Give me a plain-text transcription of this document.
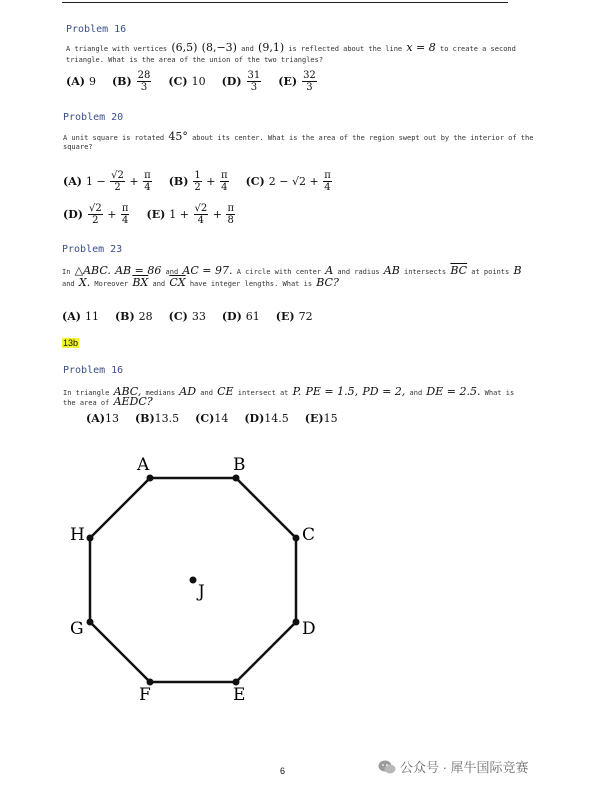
Problem 16
A triangle with vertices (6,5) (8,−3) and (9,1) is reflected about the line x = 8 to create a second
triangle. What is the area of the union of the two triangles?
(A) 9 $(B) \frac{28}{3} (C)$ 10 $(D) \frac{31}{3} (E) \frac{32}{3}$
Problem 20
A unit square is rotated 45° about its center. What is the area of the region swept out by the interior of the
square?
(A) 1 −
$\frac{√2}{2}$
+
$\frac{\pi}{4} (B) \frac{1}{2}$
+
$\frac{\pi}{4} (C) 2 - √2$ +
$\frac{\pi}{4}$
$(D) \frac{√2}{2}$
+
$\frac{\pi}{4} (E) 1$ +
$\frac{√2}{4}$
+
$\frac{\pi}{8}$
Problem 23
In △ABC. AB = 86 and AC = 97. A circle with center A and radius AB intersects $\overline{BC}$ at points B
and X. Moreover $\overline{BX}$ and $\overline{CX}$ have integer lengths. What is BC?
(A) 11 (B) 28 (C) 33 (D) 61 (E) 72
13b
Problem 16
In triangle ABC, medians AD and CE intersect at P. PE = 1.5, PD = 2, and DE = 2.5. What is
the area of AEDC?
(A) 13 (B) 13.5 (C) 14 (D) 14.5 (E) 15
A	B
C
D
E
F
G
H
J
6	公众号 · 犀牛国际竞赛
